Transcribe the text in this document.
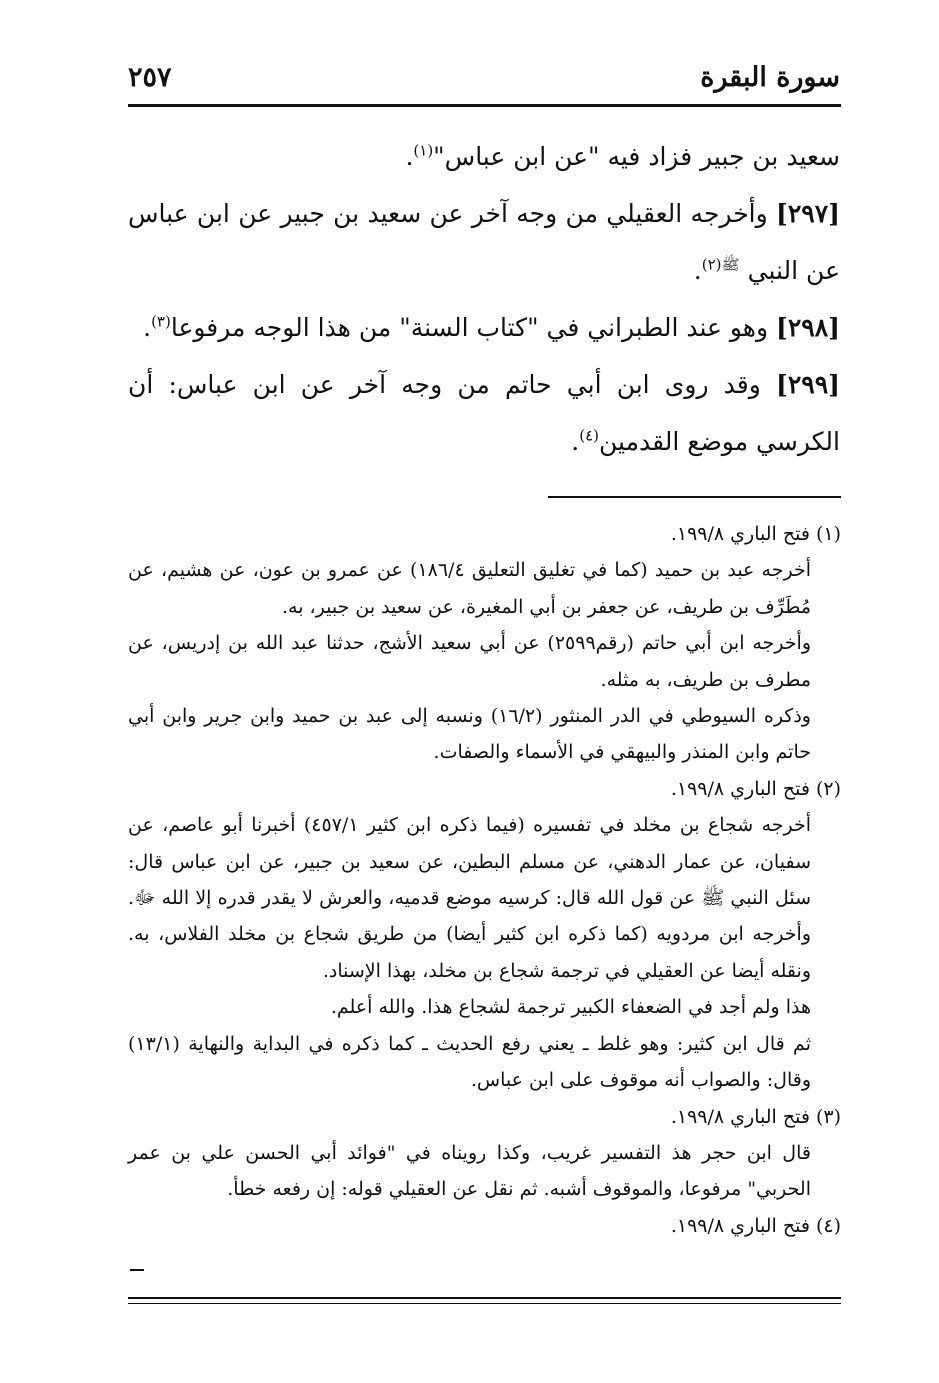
سورة البقرة
٢٥٧

سعيد بن جبير فزاد فيه "عن ابن عباس"$^{(١)}$.

[٢٩٧] وأخرجه العقيلي من وجه آخر عن سعيد بن جبير عن ابن عباس عن النبي $^{ﷺ(٢)}$.

[٢٩٨] وهو عند الطبراني في "كتاب السنة" من هذا الوجه مرفوعا$^{(٣)}$.

[٢٩٩] وقد روى ابن أبي حاتم من وجه آخر عن ابن عباس: أن الكرسي موضع القدمين$^{(٤)}$.

(١) فتح الباري ١٩٩/٨.

أخرجه عبد بن حميد (كما في تغليق التعليق ١٨٦/٤) عن عمرو بن عون، عن هشيم، عن مُطَرِّف بن طريف، عن جعفر بن أبي المغيرة، عن سعيد بن جبير، به.

وأخرجه ابن أبي حاتم (رقم٢٥٩٩) عن أبي سعيد الأشج، حدثنا عبد الله بن إدريس، عن مطرف بن طريف، به مثله.

وذكره السيوطي في الدر المنثور (١٦/٢) ونسبه إلى عبد بن حميد وابن جرير وابن أبي حاتم وابن المنذر والبيهقي في الأسماء والصفات.

(٢) فتح الباري ١٩٩/٨.

أخرجه شجاع بن مخلد في تفسيره (فيما ذكره ابن كثير ٤٥٧/١) أخبرنا أبو عاصم، عن سفيان، عن عمار الدهني، عن مسلم البطين، عن سعيد بن جبير، عن ابن عباس قال: سئل النبي ﷺ عن قول الله قال: كرسيه موضع قدميه، والعرش لا يقدر قدره إلا الله ﷻ. وأخرجه ابن مردويه (كما ذكره ابن كثير أيضا) من طريق شجاع بن مخلد الفلاس، به. ونقله أيضا عن العقيلي في ترجمة شجاع بن مخلد، بهذا الإسناد.

هذا ولم أجد في الضعفاء الكبير ترجمة لشجاع هذا. والله أعلم.

ثم قال ابن كثير: وهو غلط ـ يعني رفع الحديث ـ كما ذكره في البداية والنهاية (١٣/١) وقال: والصواب أنه موقوف على ابن عباس.

(٣) فتح الباري ١٩٩/٨.

قال ابن حجر هذ التفسير غريب، وكذا رويناه في "فوائد أبي الحسن علي بن عمر الحربي" مرفوعا، والموقوف أشبه. ثم نقل عن العقيلي قوله: إن رفعه خطأ.

(٤) فتح الباري ١٩٩/٨.
